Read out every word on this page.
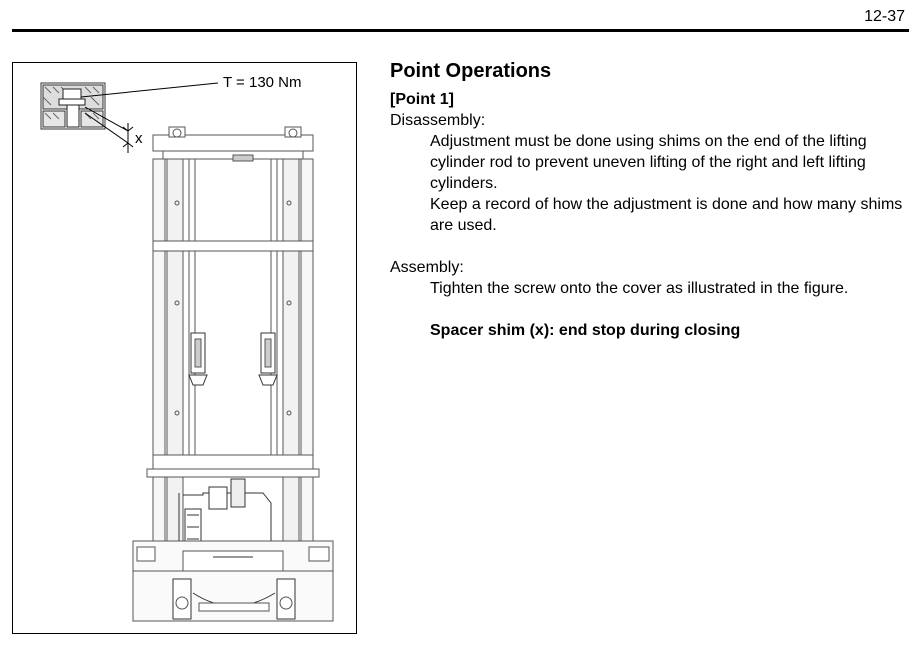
12-37
T = 130 Nm
x
Point Operations
[Point 1]
Disassembly:
Adjustment must be done using shims on the end of the lifting cylinder rod to prevent uneven lifting of the right and left lifting cylinders.
Keep a record of how the adjustment is done and how many shims are used.
Assembly:
Tighten the screw onto the cover as illustrated in the figure.
Spacer shim (x): end stop during closing
